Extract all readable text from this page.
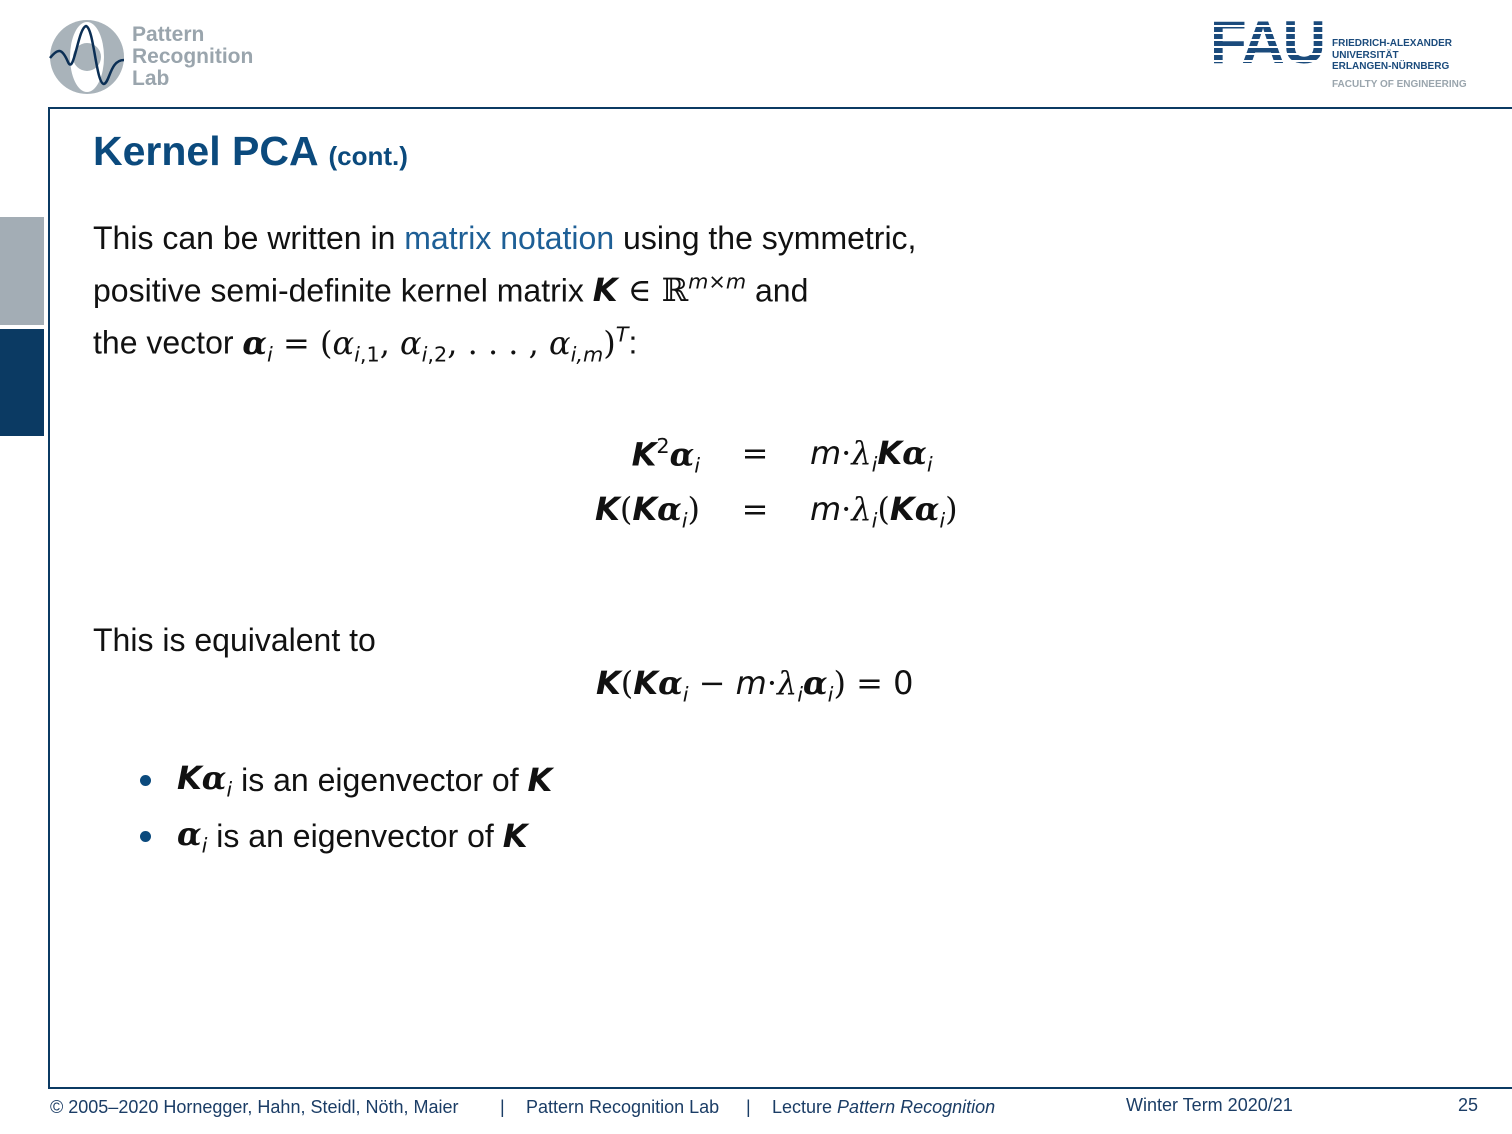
Pattern
Recognition
Lab
FAU FRIEDRICH-ALEXANDER
UNIVERSITÄT
ERLANGEN-NÜRNBERG
FACULTY OF ENGINEERING
Kernel PCA (cont.)
This can be written in matrix notation using the symmetric,
positive semi-definite kernel matrix K ∈ ℝ$^{m\times m}$ and
the vector $\alpha_i = (\alpha_{i,1}$, $\alpha_{i,2}$, . . . , $\alpha_{i,m})^T$:
$K^2\alpha_i$	=	$m\cdot\lambda_iK\alpha_i$
$K(K\alpha_i)$	=	$m\cdot\lambda_i(K\alpha_i)$
This is equivalent to
$K(K\alpha_i - m\cdot\lambda_i\alpha_i) = 0$
$K\alpha_i$ is an eigenvector of K
$\alpha_i$ is an eigenvector of K
© 2005–2020 Hornegger, Hahn, Steidl, Nöth, Maier | Pattern Recognition Lab | Lecture Pattern Recognition	Winter Term 2020/21	25
